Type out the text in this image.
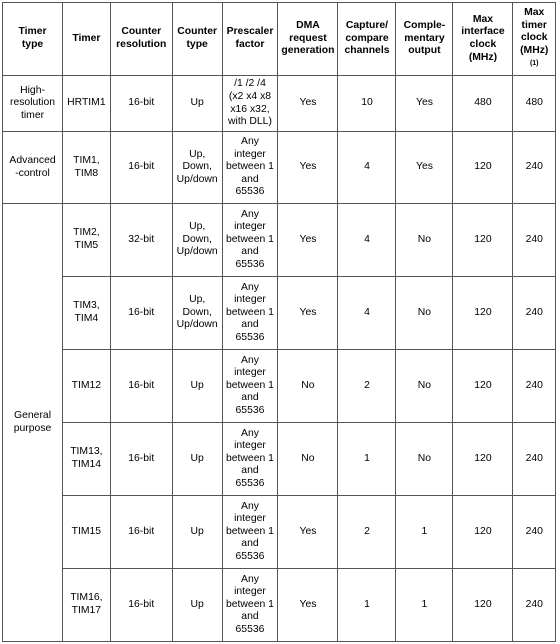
Timer
type	Timer	Counter
resolution	Counter
type	Prescaler
factor	DMA
request
generation	Capture/
compare
channels	Comple-
mentary
output	Max
interface
clock
(MHz)	Max
timer
clock
(MHz)
(1)
High-
resolution
timer	HRTIM1	16-bit	Up	/1 /2 /4
(x2 x4 x8
x16 x32,
with DLL)	Yes	10	Yes	480	480
Advanced
-control	TIM1,
TIM8	16-bit	Up,
Down,
Up/down	Any
integer
between 1
and
65536	Yes	4	Yes	120	240
General
purpose	TIM2,
TIM5	32-bit	Up,
Down,
Up/down	Any
integer
between 1
and
65536	Yes	4	No	120	240
	TIM3,
TIM4	16-bit	Up,
Down,
Up/down	Any
integer
between 1
and
65536	Yes	4	No	120	240
	TIM12	16-bit	Up	Any
integer
between 1
and
65536	No	2	No	120	240
	TIM13,
TIM14	16-bit	Up	Any
integer
between 1
and
65536	No	1	No	120	240
	TIM15	16-bit	Up	Any
integer
between 1
and
65536	Yes	2	1	120	240
	TIM16,
TIM17	16-bit	Up	Any
integer
between 1
and
65536	Yes	1	1	120	240
